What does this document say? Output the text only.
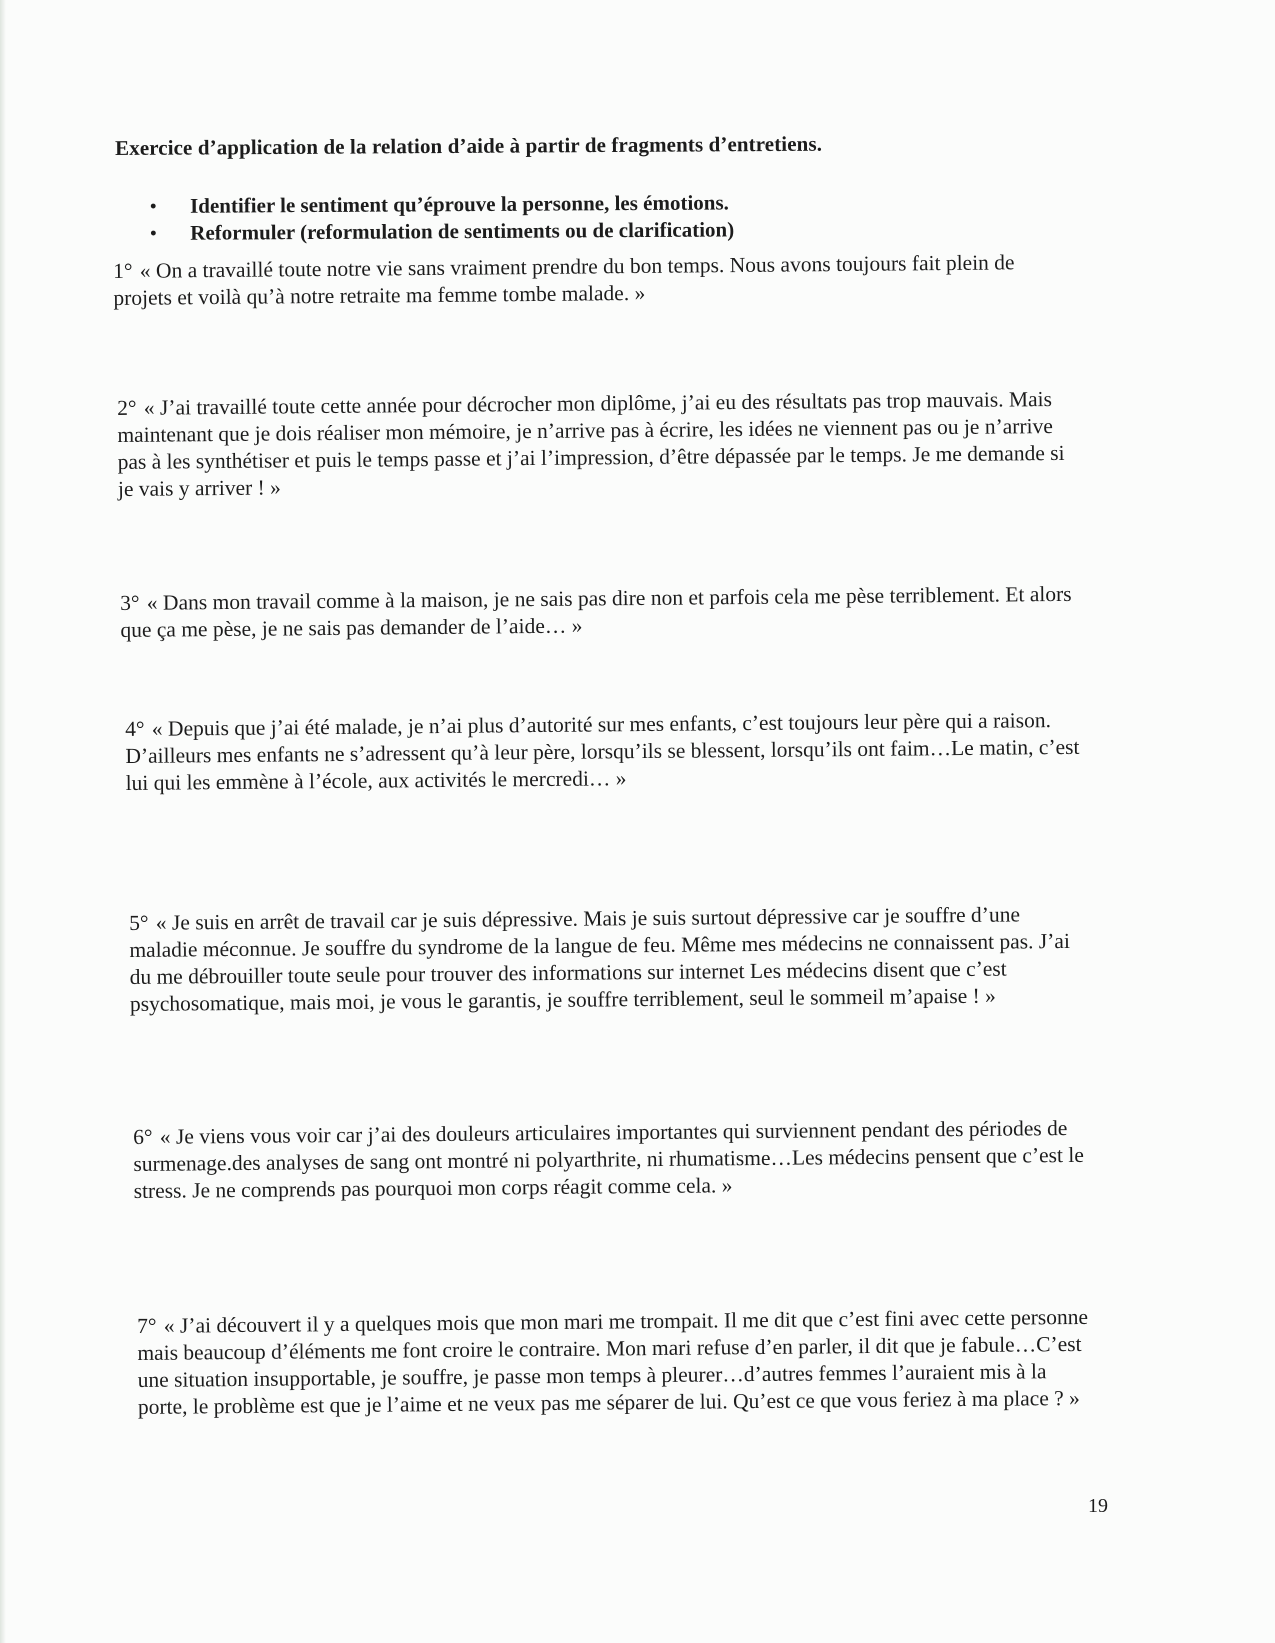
Exercice d’application de la relation d’aide à partir de fragments d’entretiens.
• Identifier le sentiment qu’éprouve la personne, les émotions.
• Reformuler (reformulation de sentiments ou de clarification)

1° « On a travaillé toute notre vie sans vraiment prendre du bon temps. Nous avons toujours fait plein de projets et voilà qu’à notre retraite ma femme tombe malade. »

2° « J’ai travaillé toute cette année pour décrocher mon diplôme, j’ai eu des résultats pas trop mauvais. Mais maintenant que je dois réaliser mon mémoire, je n’arrive pas à écrire, les idées ne viennent pas ou je n’arrive pas à les synthétiser et puis le temps passe et j’ai l’impression, d’être dépassée par le temps. Je me demande si je vais y arriver ! »

3° « Dans mon travail comme à la maison, je ne sais pas dire non et parfois cela me pèse terriblement. Et alors que ça me pèse, je ne sais pas demander de l’aide… »

4° « Depuis que j’ai été malade, je n’ai plus d’autorité sur mes enfants, c’est toujours leur père qui a raison. D’ailleurs mes enfants ne s’adressent qu’à leur père, lorsqu’ils se blessent, lorsqu’ils ont faim…Le matin, c’est lui qui les emmène à l’école, aux activités le mercredi… »

5° « Je suis en arrêt de travail car je suis dépressive. Mais je suis surtout dépressive car je souffre d’une maladie méconnue. Je souffre du syndrome de la langue de feu. Même mes médecins ne connaissent pas. J’ai du me débrouiller toute seule pour trouver des informations sur internet Les médecins disent que c’est psychosomatique, mais moi, je vous le garantis, je souffre terriblement, seul le sommeil m’apaise ! »

6° « Je viens vous voir car j’ai des douleurs articulaires importantes qui surviennent pendant des périodes de surmenage.des analyses de sang ont montré ni polyarthrite, ni rhumatisme…Les médecins pensent que c’est le stress. Je ne comprends pas pourquoi mon corps réagit comme cela. »

7° « J’ai découvert il y a quelques mois que mon mari me trompait. Il me dit que c’est fini avec cette personne mais beaucoup d’éléments me font croire le contraire. Mon mari refuse d’en parler, il dit que je fabule…C’est une situation insupportable, je souffre, je passe mon temps à pleurer…d’autres femmes l’auraient mis à la porte, le problème est que je l’aime et ne veux pas me séparer de lui. Qu’est ce que vous feriez à ma place ? »

19
